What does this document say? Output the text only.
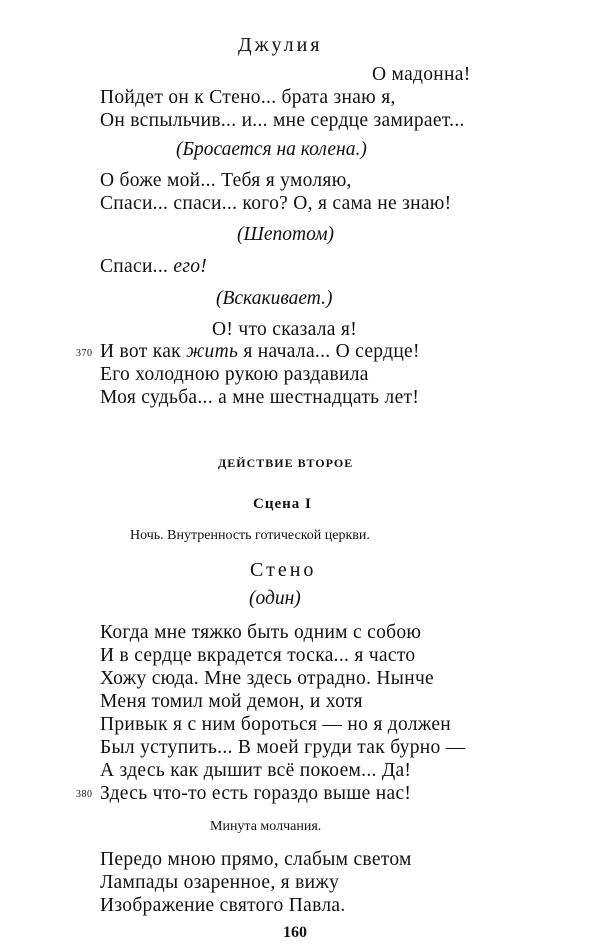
Джулия
О мадонна!
Пойдет он к Стено... брата знаю я,
Он вспыльчив... и... мне сердце замирает...
(Бросается на колена.)
О боже мой... Тебя я умоляю,
Спаси... спаси... кого? О, я сама не знаю!
(Шепотом)
Спаси... его!
(Вскакивает.)
О! что сказала я!
370 И вот как жить я начала... О сердце!
Его холодною рукою раздавила
Моя судьба... а мне шестнадцать лет!
ДЕЙСТВИЕ ВТОРОЕ
Сцена I
Ночь. Внутренность готической церкви.
Стено
(один)
Когда мне тяжко быть одним с собою
И в сердце вкрадется тоска... я часто
Хожу сюда. Мне здесь отрадно. Нынче
Меня томил мой демон, и хотя
Привык я с ним бороться — но я должен
Был уступить... В моей груди так бурно —
А здесь как дышит всё покоем... Да!
380 Здесь что-то есть гораздо выше нас!
Минута молчания.
Передо мною прямо, слабым светом
Лампады озаренное, я вижу
Изображение святого Павла.
160
